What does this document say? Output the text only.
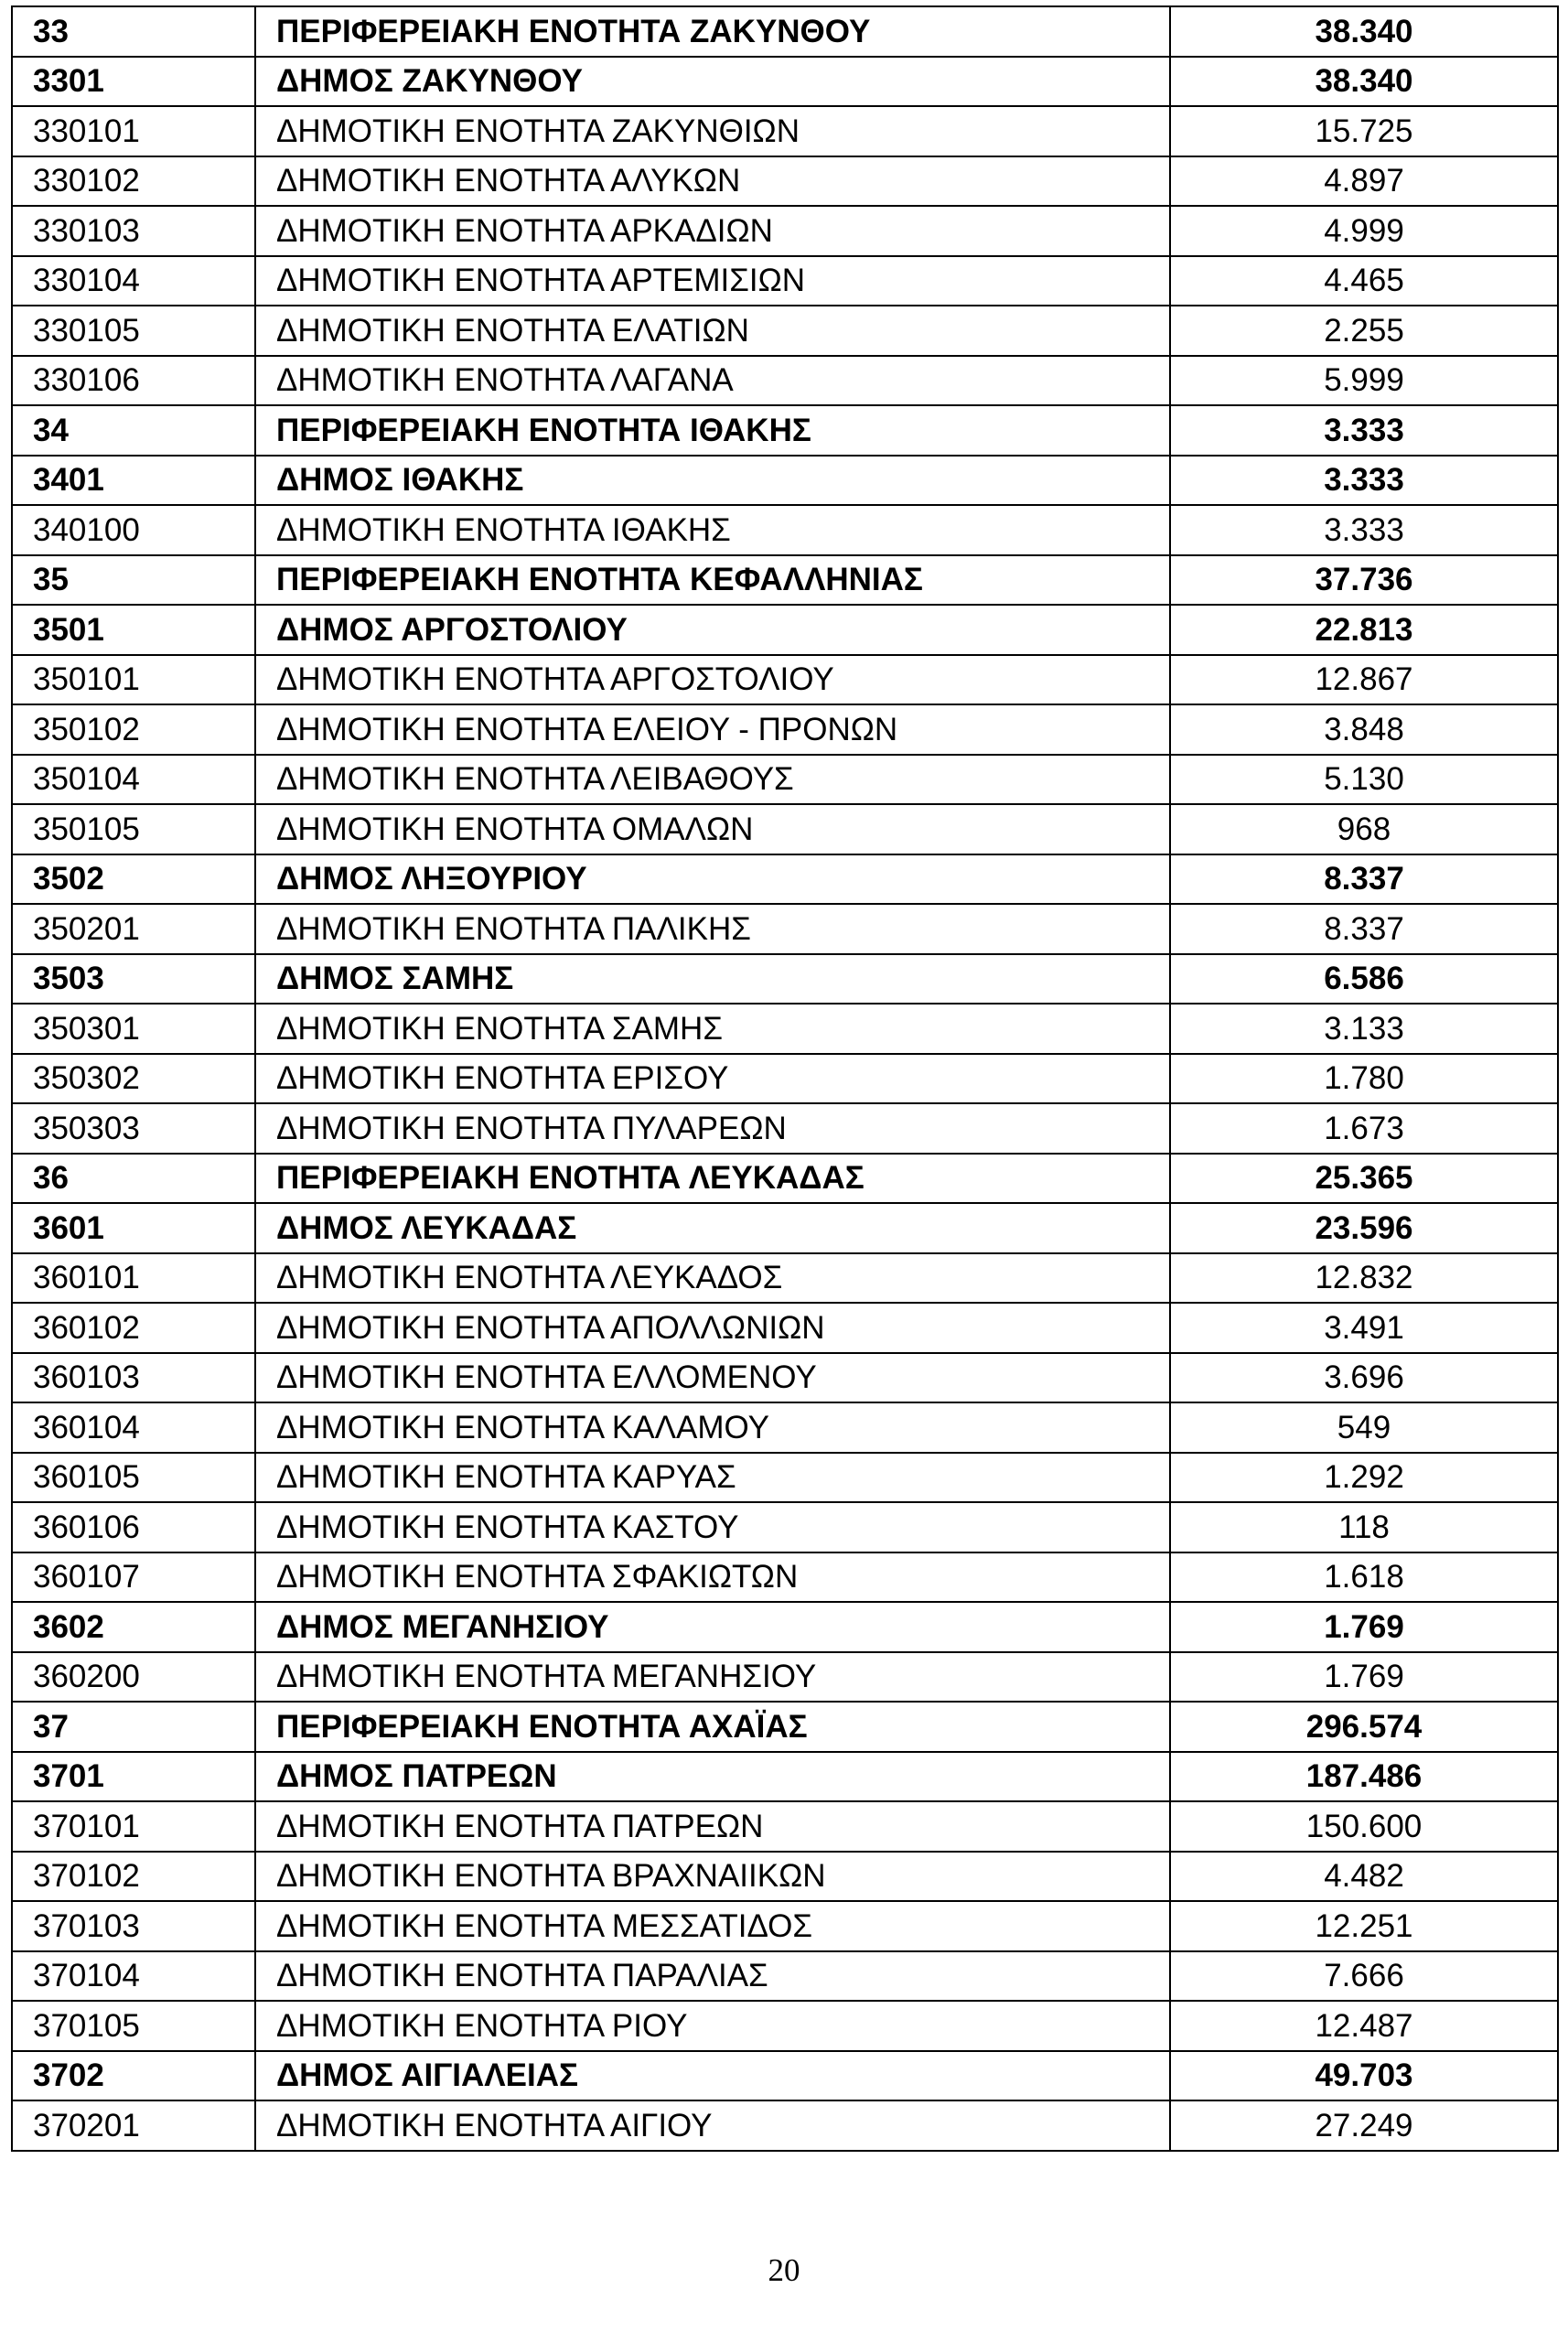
33	ΠΕΡΙΦΕΡΕΙΑΚΗ ΕΝΟΤΗΤΑ ΖΑΚΥΝΘΟΥ	38.340
3301	ΔΗΜΟΣ ΖΑΚΥΝΘΟΥ	38.340
330101	ΔΗΜΟΤΙΚΗ ΕΝΟΤΗΤΑ ΖΑΚΥΝΘΙΩΝ	15.725
330102	ΔΗΜΟΤΙΚΗ ΕΝΟΤΗΤΑ ΑΛΥΚΩΝ	4.897
330103	ΔΗΜΟΤΙΚΗ ΕΝΟΤΗΤΑ ΑΡΚΑΔΙΩΝ	4.999
330104	ΔΗΜΟΤΙΚΗ ΕΝΟΤΗΤΑ ΑΡΤΕΜΙΣΙΩΝ	4.465
330105	ΔΗΜΟΤΙΚΗ ΕΝΟΤΗΤΑ ΕΛΑΤΙΩΝ	2.255
330106	ΔΗΜΟΤΙΚΗ ΕΝΟΤΗΤΑ ΛΑΓΑΝΑ	5.999
34	ΠΕΡΙΦΕΡΕΙΑΚΗ ΕΝΟΤΗΤΑ ΙΘΑΚΗΣ	3.333
3401	ΔΗΜΟΣ ΙΘΑΚΗΣ	3.333
340100	ΔΗΜΟΤΙΚΗ ΕΝΟΤΗΤΑ ΙΘΑΚΗΣ	3.333
35	ΠΕΡΙΦΕΡΕΙΑΚΗ ΕΝΟΤΗΤΑ ΚΕΦΑΛΛΗΝΙΑΣ	37.736
3501	ΔΗΜΟΣ ΑΡΓΟΣΤΟΛΙΟΥ	22.813
350101	ΔΗΜΟΤΙΚΗ ΕΝΟΤΗΤΑ ΑΡΓΟΣΤΟΛΙΟΥ	12.867
350102	ΔΗΜΟΤΙΚΗ ΕΝΟΤΗΤΑ ΕΛΕΙΟΥ - ΠΡΟΝΩΝ	3.848
350104	ΔΗΜΟΤΙΚΗ ΕΝΟΤΗΤΑ ΛΕΙΒΑΘΟΥΣ	5.130
350105	ΔΗΜΟΤΙΚΗ ΕΝΟΤΗΤΑ ΟΜΑΛΩΝ	968
3502	ΔΗΜΟΣ ΛΗΞΟΥΡΙΟΥ	8.337
350201	ΔΗΜΟΤΙΚΗ ΕΝΟΤΗΤΑ ΠΑΛΙΚΗΣ	8.337
3503	ΔΗΜΟΣ ΣΑΜΗΣ	6.586
350301	ΔΗΜΟΤΙΚΗ ΕΝΟΤΗΤΑ ΣΑΜΗΣ	3.133
350302	ΔΗΜΟΤΙΚΗ ΕΝΟΤΗΤΑ ΕΡΙΣΟΥ	1.780
350303	ΔΗΜΟΤΙΚΗ ΕΝΟΤΗΤΑ ΠΥΛΑΡΕΩΝ	1.673
36	ΠΕΡΙΦΕΡΕΙΑΚΗ ΕΝΟΤΗΤΑ ΛΕΥΚΑΔΑΣ	25.365
3601	ΔΗΜΟΣ ΛΕΥΚΑΔΑΣ	23.596
360101	ΔΗΜΟΤΙΚΗ ΕΝΟΤΗΤΑ ΛΕΥΚΑΔΟΣ	12.832
360102	ΔΗΜΟΤΙΚΗ ΕΝΟΤΗΤΑ ΑΠΟΛΛΩΝΙΩΝ	3.491
360103	ΔΗΜΟΤΙΚΗ ΕΝΟΤΗΤΑ ΕΛΛΟΜΕΝΟΥ	3.696
360104	ΔΗΜΟΤΙΚΗ ΕΝΟΤΗΤΑ ΚΑΛΑΜΟΥ	549
360105	ΔΗΜΟΤΙΚΗ ΕΝΟΤΗΤΑ ΚΑΡΥΑΣ	1.292
360106	ΔΗΜΟΤΙΚΗ ΕΝΟΤΗΤΑ ΚΑΣΤΟΥ	118
360107	ΔΗΜΟΤΙΚΗ ΕΝΟΤΗΤΑ ΣΦΑΚΙΩΤΩΝ	1.618
3602	ΔΗΜΟΣ ΜΕΓΑΝΗΣΙΟΥ	1.769
360200	ΔΗΜΟΤΙΚΗ ΕΝΟΤΗΤΑ ΜΕΓΑΝΗΣΙΟΥ	1.769
37	ΠΕΡΙΦΕΡΕΙΑΚΗ ΕΝΟΤΗΤΑ ΑΧΑΪΑΣ	296.574
3701	ΔΗΜΟΣ ΠΑΤΡΕΩΝ	187.486
370101	ΔΗΜΟΤΙΚΗ ΕΝΟΤΗΤΑ ΠΑΤΡΕΩΝ	150.600
370102	ΔΗΜΟΤΙΚΗ ΕΝΟΤΗΤΑ ΒΡΑΧΝΑΙΙΚΩΝ	4.482
370103	ΔΗΜΟΤΙΚΗ ΕΝΟΤΗΤΑ ΜΕΣΣΑΤΙΔΟΣ	12.251
370104	ΔΗΜΟΤΙΚΗ ΕΝΟΤΗΤΑ ΠΑΡΑΛΙΑΣ	7.666
370105	ΔΗΜΟΤΙΚΗ ΕΝΟΤΗΤΑ ΡΙΟΥ	12.487
3702	ΔΗΜΟΣ ΑΙΓΙΑΛΕΙΑΣ	49.703
370201	ΔΗΜΟΤΙΚΗ ΕΝΟΤΗΤΑ ΑΙΓΙΟΥ	27.249
20
